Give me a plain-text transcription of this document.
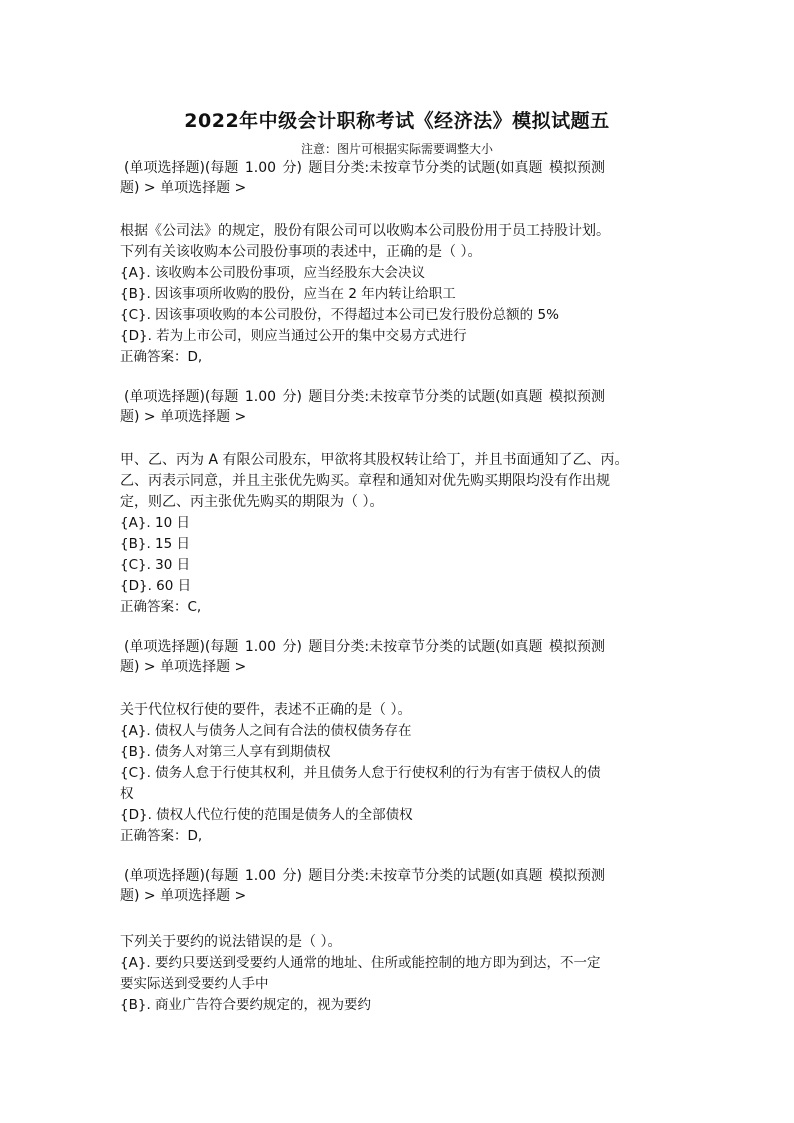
2022年中级会计职称考试《经济法》模拟试题五
注意：图片可根据实际需要调整大小
(单项选择题)(每题 1.00 分) 题目分类:未按章节分类的试题(如真题 模拟预测
题) > 单项选择题 >
根据《公司法》的规定，股份有限公司可以收购本公司股份用于员工持股计划。
下列有关该收购本公司股份事项的表述中，正确的是（ ）。
{A}. 该收购本公司股份事项，应当经股东大会决议
{B}. 因该事项所收购的股份，应当在 2 年内转让给职工
{C}. 因该事项收购的本公司股份，不得超过本公司已发行股份总额的 5%
{D}. 若为上市公司，则应当通过公开的集中交易方式进行
正确答案：D,
(单项选择题)(每题 1.00 分) 题目分类:未按章节分类的试题(如真题 模拟预测
题) > 单项选择题 >
甲、乙、丙为 A 有限公司股东，甲欲将其股权转让给丁，并且书面通知了乙、丙。
乙、丙表示同意，并且主张优先购买。章程和通知对优先购买期限均没有作出规
定，则乙、丙主张优先购买的期限为（ ）。
{A}. 10 日
{B}. 15 日
{C}. 30 日
{D}. 60 日
正确答案：C,
(单项选择题)(每题 1.00 分) 题目分类:未按章节分类的试题(如真题 模拟预测
题) > 单项选择题 >
关于代位权行使的要件，表述不正确的是（ ）。
{A}. 债权人与债务人之间有合法的债权债务存在
{B}. 债务人对第三人享有到期债权
{C}. 债务人怠于行使其权利，并且债务人怠于行使权利的行为有害于债权人的债
权
{D}. 债权人代位行使的范围是债务人的全部债权
正确答案：D,
(单项选择题)(每题 1.00 分) 题目分类:未按章节分类的试题(如真题 模拟预测
题) > 单项选择题 >
下列关于要约的说法错误的是（ ）。
{A}. 要约只要送到受要约人通常的地址、住所或能控制的地方即为到达，不一定
要实际送到受要约人手中
{B}. 商业广告符合要约规定的，视为要约
